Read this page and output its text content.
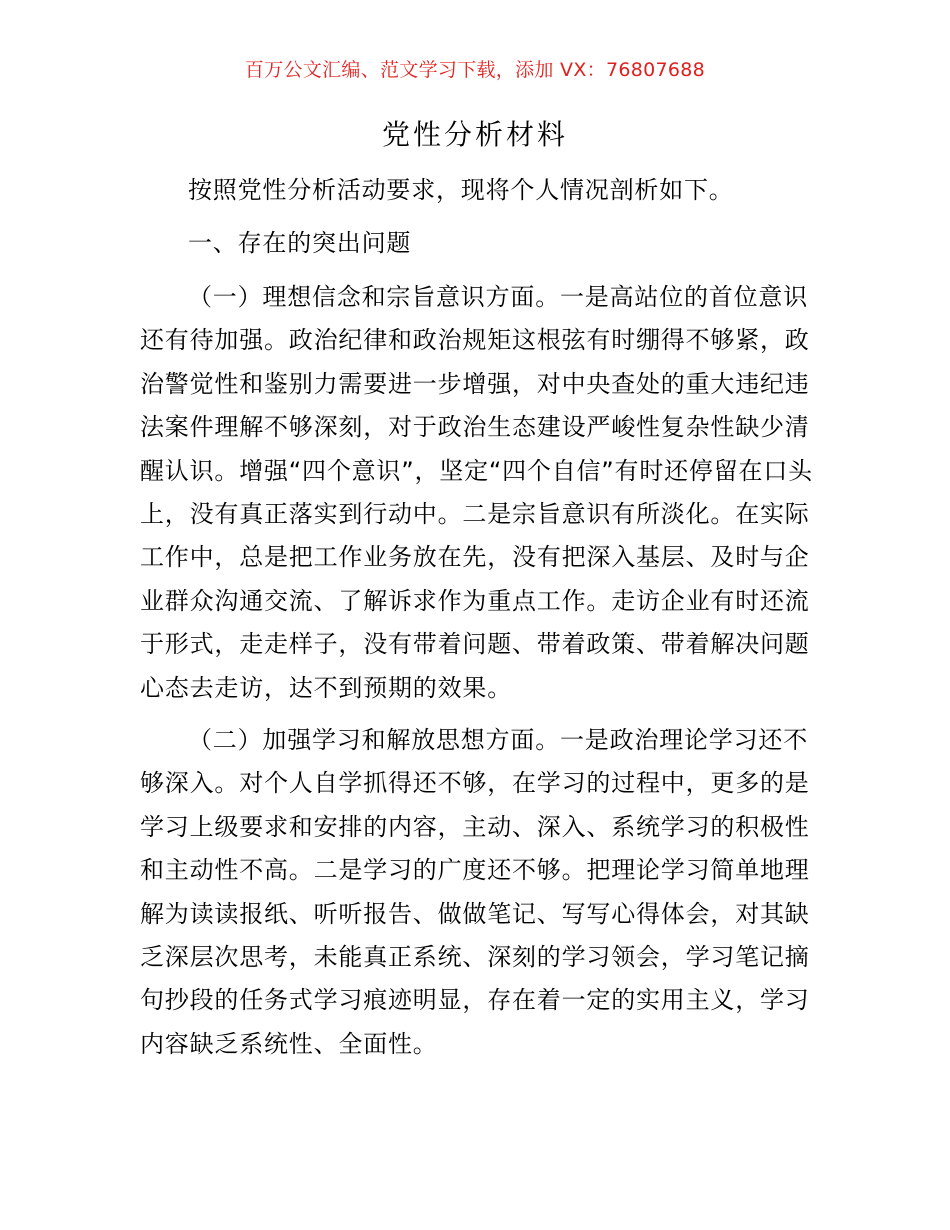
百万公文汇编、范文学习下载，添加 VX：76807688
党性分析材料

按照党性分析活动要求，现将个人情况剖析如下。

一、存在的突出问题

（一）理想信念和宗旨意识方面。一是高站位的首位意识还有待加强。政治纪律和政治规矩这根弦有时绷得不够紧，政治警觉性和鉴别力需要进一步增强，对中央查处的重大违纪违法案件理解不够深刻，对于政治生态建设严峻性复杂性缺少清醒认识。增强“四个意识”，坚定“四个自信”有时还停留在口头上，没有真正落实到行动中。二是宗旨意识有所淡化。在实际工作中，总是把工作业务放在先，没有把深入基层、及时与企业群众沟通交流、了解诉求作为重点工作。走访企业有时还流于形式，走走样子，没有带着问题、带着政策、带着解决问题心态去走访，达不到预期的效果。

（二）加强学习和解放思想方面。一是政治理论学习还不够深入。对个人自学抓得还不够，在学习的过程中，更多的是学习上级要求和安排的内容，主动、深入、系统学习的积极性和主动性不高。二是学习的广度还不够。把理论学习简单地理解为读读报纸、听听报告、做做笔记、写写心得体会，对其缺乏深层次思考，未能真正系统、深刻的学习领会，学习笔记摘句抄段的任务式学习痕迹明显，存在着一定的实用主义，学习内容缺乏系统性、全面性。
